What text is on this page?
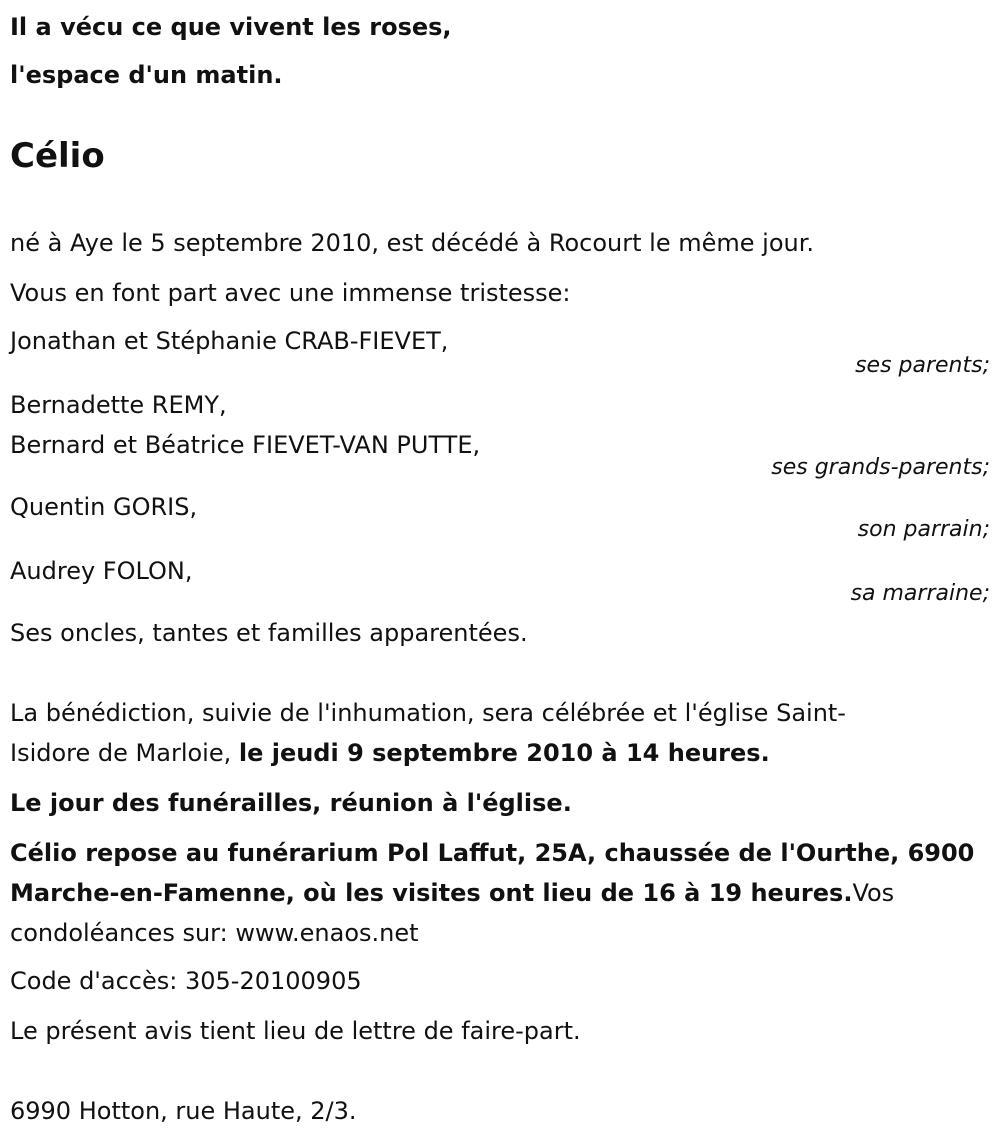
Il a vécu ce que vivent les roses,

l'espace d'un matin.

Célio

né à Aye le 5 septembre 2010, est décédé à Rocourt le même jour.

Vous en font part avec une immense tristesse:

Jonathan et Stéphanie CRAB-FIEVET,

ses parents;

Bernadette REMY,

Bernard et Béatrice FIEVET-VAN PUTTE,

ses grands-parents;

Quentin GORIS,

son parrain;

Audrey FOLON,

sa marraine;

Ses oncles, tantes et familles apparentées.

La bénédiction, suivie de l'inhumation, sera célébrée et l'église Saint-

Isidore de Marloie, le jeudi 9 septembre 2010 à 14 heures.

Le jour des funérailles, réunion à l'église.

Célio repose au funérarium Pol Laffut, 25A, chaussée de l'Ourthe, 6900

Marche-en-Famenne, où les visites ont lieu de 16 à 19 heures.Vos

condoléances sur: www.enaos.net

Code d'accès: 305-20100905

Le présent avis tient lieu de lettre de faire-part.

6990 Hotton, rue Haute, 2/3.
